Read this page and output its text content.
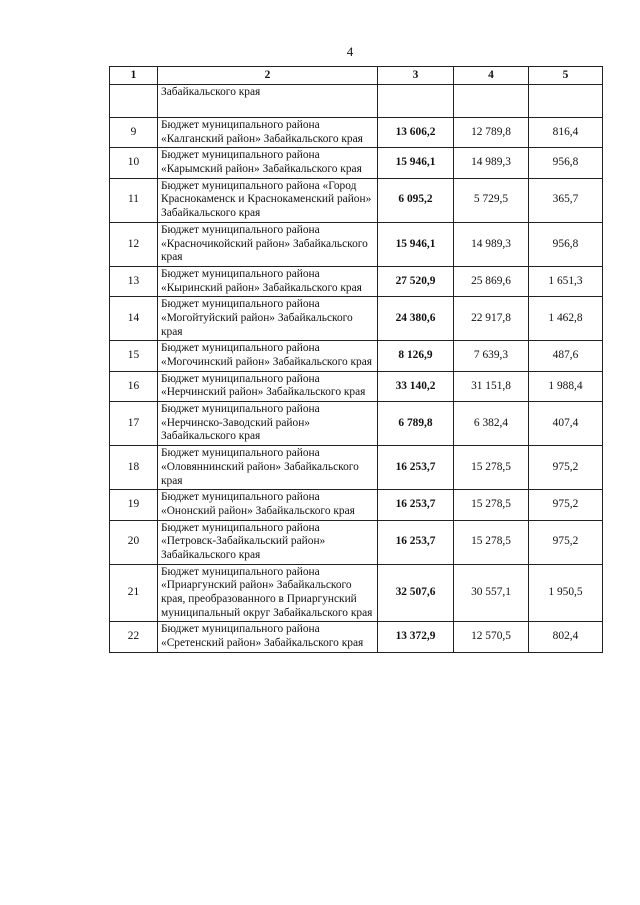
4
1	2	3	4	5
	Забайкальского края			
9	Бюджет муниципального района «Калганский район» Забайкальского края	13 606,2	12 789,8	816,4
10	Бюджет муниципального района «Карымский район» Забайкальского края	15 946,1	14 989,3	956,8
11	Бюджет муниципального района «Город Краснокаменск и Краснокаменский район» Забайкальского края	6 095,2	5 729,5	365,7
12	Бюджет муниципального района «Красночикойский район» Забайкальского края	15 946,1	14 989,3	956,8
13	Бюджет муниципального района «Кыринский район» Забайкальского края	27 520,9	25 869,6	1 651,3
14	Бюджет муниципального района «Могойтуйский район» Забайкальского края	24 380,6	22 917,8	1 462,8
15	Бюджет муниципального района «Могочинский район» Забайкальского края	8 126,9	7 639,3	487,6
16	Бюджет муниципального района «Нерчинский район» Забайкальского края	33 140,2	31 151,8	1 988,4
17	Бюджет муниципального района «Нерчинско-Заводский район» Забайкальского края	6 789,8	6 382,4	407,4
18	Бюджет муниципального района «Оловяннинский район» Забайкальского края	16 253,7	15 278,5	975,2
19	Бюджет муниципального района «Ононский район» Забайкальского края	16 253,7	15 278,5	975,2
20	Бюджет муниципального района «Петровск-Забайкальский район» Забайкальского края	16 253,7	15 278,5	975,2
21	Бюджет муниципального района «Приаргунский район» Забайкальского края, преобразованного в Приаргунский муниципальный округ Забайкальского края	32 507,6	30 557,1	1 950,5
22	Бюджет муниципального района «Сретенский район» Забайкальского края	13 372,9	12 570,5	802,4
